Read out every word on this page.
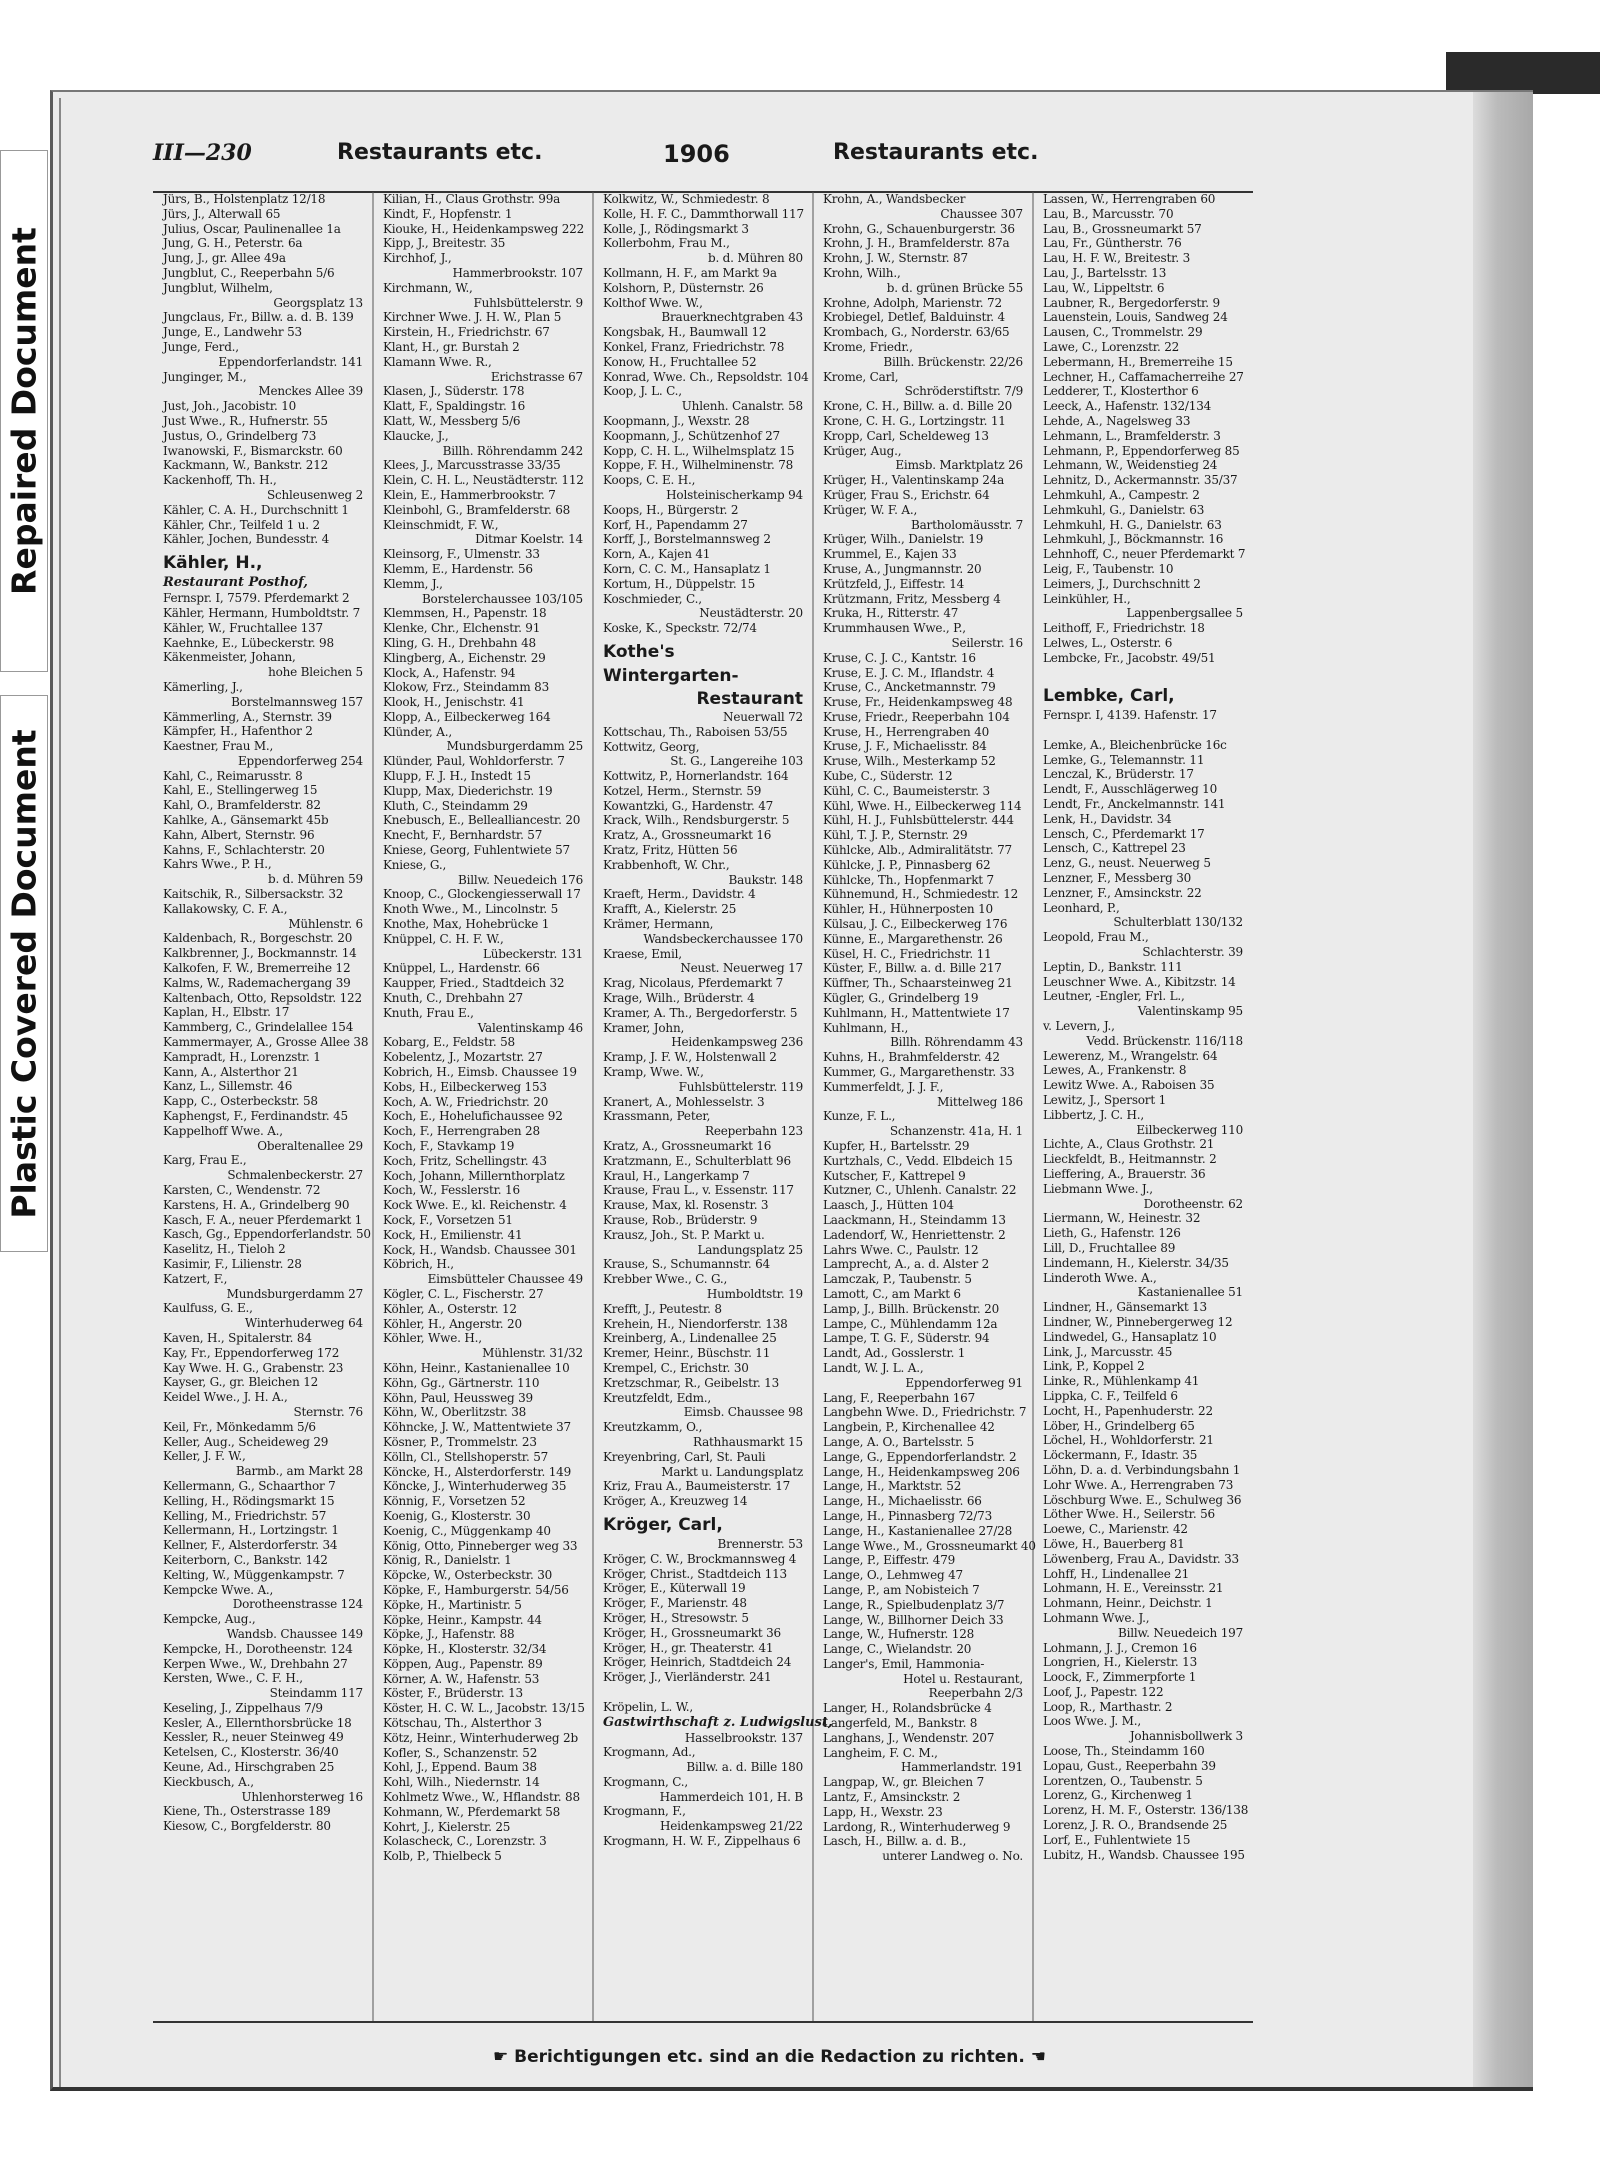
Repaired Document
Plastic Covered Document
III—230	Restaurants etc.	1906	Restaurants etc.
Jürs, B., Holstenplatz 12/18
Jürs, J., Alterwall 65
Julius, Oscar, Paulinenallee 1a
Jung, G. H., Peterstr. 6a
Jung, J., gr. Allee 49a
Jungblut, C., Reeperbahn 5/6
Jungblut, Wilhelm,
Georgsplatz 13
Jungclaus, Fr., Billw. a. d. B. 139
Junge, E., Landwehr 53
Junge, Ferd.,
Eppendorferlandstr. 141
Junginger, M.,
Menckes Allee 39
Just, Joh., Jacobistr. 10
Just Wwe., R., Hufnerstr. 55
Justus, O., Grindelberg 73
Iwanowski, F., Bismarckstr. 60
Kackmann, W., Bankstr. 212
Kackenhoff, Th. H.,
Schleusenweg 2
Kähler, C. A. H., Durchschnitt 1
Kähler, Chr., Teilfeld 1 u. 2
Kähler, Jochen, Bundesstr. 4
Kähler, H.,
Restaurant Posthof,
Fernspr. I, 7579. Pferdemarkt 2
Kähler, Hermann, Humboldtstr. 7
Kähler, W., Fruchtallee 137
Kaehnke, E., Lübeckerstr. 98
Käkenmeister, Johann,
hohe Bleichen 5
Kämerling, J.,
Borstelmannsweg 157
Kämmerling, A., Sternstr. 39
Kämpfer, H., Hafenthor 2
Kaestner, Frau M.,
Eppendorferweg 254
Kahl, C., Reimarusstr. 8
Kahl, E., Stellingerweg 15
Kahl, O., Bramfelderstr. 82
Kahlke, A., Gänsemarkt 45b
Kahn, Albert, Sternstr. 96
Kahns, F., Schlachterstr. 20
Kahrs Wwe., P. H.,
b. d. Mühren 59
Kaitschik, R., Silbersackstr. 32
Kallakowsky, C. F. A.,
Mühlenstr. 6
Kaldenbach, R., Borgeschstr. 20
Kalkbrenner, J., Bockmannstr. 14
Kalkofen, F. W., Bremerreihe 12
Kalms, W., Rademachergang 39
Kaltenbach, Otto, Repsoldstr. 122
Kaplan, H., Elbstr. 17
Kammberg, C., Grindelallee 154
Kammermayer, A., Grosse Allee 38
Kampradt, H., Lorenzstr. 1
Kann, A., Alsterthor 21
Kanz, L., Sillemstr. 46
Kapp, C., Osterbeckstr. 58
Kaphengst, F., Ferdinandstr. 45
Kappelhoff Wwe. A.,
Oberaltenallee 29
Karg, Frau E.,
Schmalenbeckerstr. 27
Karsten, C., Wendenstr. 72
Karstens, H. A., Grindelberg 90
Kasch, F. A., neuer Pferdemarkt 1
Kasch, Gg., Eppendorferlandstr. 50
Kaselitz, H., Tieloh 2
Kasimir, F., Lilienstr. 28
Katzert, F.,
Mundsburgerdamm 27
Kaulfuss, G. E.,
Winterhuderweg 64
Kaven, H., Spitalerstr. 84
Kay, Fr., Eppendorferweg 172
Kay Wwe. H. G., Grabenstr. 23
Kayser, G., gr. Bleichen 12
Keidel Wwe., J. H. A.,
Sternstr. 76
Keil, Fr., Mönkedamm 5/6
Keller, Aug., Scheideweg 29
Keller, J. F. W.,
Barmb., am Markt 28
Kellermann, G., Schaarthor 7
Kelling, H., Rödingsmarkt 15
Kelling, M., Friedrichstr. 57
Kellermann, H., Lortzingstr. 1
Kellner, F., Alsterdorferstr. 34
Keiterborn, C., Bankstr. 142
Kelting, W., Müggenkampstr. 7
Kempcke Wwe. A.,
Dorotheenstrasse 124
Kempcke, Aug.,
Wandsb. Chaussee 149
Kempcke, H., Dorotheenstr. 124
Kerpen Wwe., W., Drehbahn 27
Kersten, Wwe., C. F. H.,
Steindamm 117
Keseling, J., Zippelhaus 7/9
Kesler, A., Ellernthorsbrücke 18
Kessler, R., neuer Steinweg 49
Ketelsen, C., Klosterstr. 36/40
Keune, Ad., Hirschgraben 25
Kieckbusch, A.,
Uhlenhorsterweg 16
Kiene, Th., Osterstrasse 189
Kiesow, C., Borgfelderstr. 80
Kilian, H., Claus Grothstr. 99a
Kindt, F., Hopfenstr. 1
Kiouke, H., Heidenkampsweg 222
Kipp, J., Breitestr. 35
Kirchhof, J.,
Hammerbrookstr. 107
Kirchmann, W.,
Fuhlsbüttelerstr. 9
Kirchner Wwe. J. H. W., Plan 5
Kirstein, H., Friedrichstr. 67
Klant, H., gr. Burstah 2
Klamann Wwe. R.,
Erichstrasse 67
Klasen, J., Süderstr. 178
Klatt, F., Spaldingstr. 16
Klatt, W., Messberg 5/6
Klaucke, J.,
Billh. Röhrendamm 242
Klees, J., Marcusstrasse 33/35
Klein, C. H. L., Neustädterstr. 112
Klein, E., Hammerbrookstr. 7
Kleinbohl, G., Bramfelderstr. 68
Kleinschmidt, F. W.,
Ditmar Koelstr. 14
Kleinsorg, F., Ulmenstr. 33
Klemm, E., Hardenstr. 56
Klemm, J.,
Borstelerchaussee 103/105
Klemmsen, H., Papenstr. 18
Klenke, Chr., Elchenstr. 91
Kling, G. H., Drehbahn 48
Klingberg, A., Eichenstr. 29
Klock, A., Hafenstr. 94
Klokow, Frz., Steindamm 83
Klook, H., Jenischstr. 41
Klopp, A., Eilbeckerweg 164
Klünder, A.,
Mundsburgerdamm 25
Klünder, Paul, Wohldorferstr. 7
Klupp, F. J. H., Instedt 15
Klupp, Max, Diederichstr. 19
Kluth, C., Steindamm 29
Knebusch, E., Bellealliancestr. 20
Knecht, F., Bernhardstr. 57
Kniese, Georg, Fuhlentwiete 57
Kniese, G.,
Billw. Neuedeich 176
Knoop, C., Glockengiesserwall 17
Knoth Wwe., M., Lincolnstr. 5
Knothe, Max, Hohebrücke 1
Knüppel, C. H. F. W.,
Lübeckerstr. 131
Knüppel, L., Hardenstr. 66
Kaupper, Fried., Stadtdeich 32
Knuth, C., Drehbahn 27
Knuth, Frau E.,
Valentinskamp 46
Kobarg, E., Feldstr. 58
Kobelentz, J., Mozartstr. 27
Kobrich, H., Eimsb. Chaussee 19
Kobs, H., Eilbeckerweg 153
Koch, A. W., Friedrichstr. 20
Koch, E., Hohelufichaussee 92
Koch, F., Herrengraben 28
Koch, F., Stavkamp 19
Koch, Fritz, Schellingstr. 43
Koch, Johann, Millernthorplatz
Koch, W., Fesslerstr. 16
Kock Wwe. E., kl. Reichenstr. 4
Kock, F., Vorsetzen 51
Kock, H., Emilienstr. 41
Kock, H., Wandsb. Chaussee 301
Köbrich, H.,
Eimsbütteler Chaussee 49
Kögler, C. L., Fischerstr. 27
Köhler, A., Osterstr. 12
Köhler, H., Angerstr. 20
Köhler, Wwe. H.,
Mühlenstr. 31/32
Köhn, Heinr., Kastanienallee 10
Köhn, Gg., Gärtnerstr. 110
Köhn, Paul, Heussweg 39
Köhn, W., Oberlitzstr. 38
Köhncke, J. W., Mattentwiete 37
Kösner, P., Trommelstr. 23
Kölln, Cl., Stellshoperstr. 57
Köncke, H., Alsterdorferstr. 149
Köncke, J., Winterhuderweg 35
Könnig, F., Vorsetzen 52
Koenig, G., Klosterstr. 30
Koenig, C., Müggenkamp 40
König, Otto, Pinneberger weg 33
König, R., Danielstr. 1
Köpcke, W., Osterbeckstr. 30
Köpke, F., Hamburgerstr. 54/56
Köpke, H., Martinistr. 5
Köpke, Heinr., Kampstr. 44
Köpke, J., Hafenstr. 88
Köpke, H., Klosterstr. 32/34
Köppen, Aug., Papenstr. 89
Körner, A. W., Hafenstr. 53
Köster, F., Brüderstr. 13
Köster, H. C. W. L., Jacobstr. 13/15
Kötschau, Th., Alsterthor 3
Kötz, Heinr., Winterhuderweg 2b
Kofler, S., Schanzenstr. 52
Kohl, J., Eppend. Baum 38
Kohl, Wilh., Niedernstr. 14
Kohlmetz Wwe., W., Hflandstr. 88
Kohmann, W., Pferdemarkt 58
Kohrt, J., Kielerstr. 25
Kolascheck, C., Lorenzstr. 3
Kolb, P., Thielbeck 5
Kolkwitz, W., Schmiedestr. 8
Kolle, H. F. C., Dammthorwall 117
Kolle, J., Rödingsmarkt 3
Kollerbohm, Frau M.,
b. d. Mühren 80
Kollmann, H. F., am Markt 9a
Kolshorn, P., Düsternstr. 26
Kolthof Wwe. W.,
Brauerknechtgraben 43
Kongsbak, H., Baumwall 12
Konkel, Franz, Friedrichstr. 78
Konow, H., Fruchtallee 52
Konrad, Wwe. Ch., Repsoldstr. 104
Koop, J. L. C.,
Uhlenh. Canalstr. 58
Koopmann, J., Wexstr. 28
Koopmann, J., Schützenhof 27
Kopp, C. H. L., Wilhelmsplatz 15
Koppe, F. H., Wilhelminenstr. 78
Koops, C. E. H.,
Holsteinischerkamp 94
Koops, H., Bürgerstr. 2
Korf, H., Papendamm 27
Korff, J., Borstelmannsweg 2
Korn, A., Kajen 41
Korn, C. C. M., Hansaplatz 1
Kortum, H., Düppelstr. 15
Koschmieder, C.,
Neustädterstr. 20
Koske, K., Speckstr. 72/74
Kothe's Wintergarten-
Restaurant
Neuerwall 72
Kottschau, Th., Raboisen 53/55
Kottwitz, Georg,
St. G., Langereihe 103
Kottwitz, P., Hornerlandstr. 164
Kotzel, Herm., Sternstr. 59
Kowantzki, G., Hardenstr. 47
Krack, Wilh., Rendsburgerstr. 5
Kratz, A., Grossneumarkt 16
Kratz, Fritz, Hütten 56
Krabbenhoft, W. Chr.,
Baukstr. 148
Kraeft, Herm., Davidstr. 4
Krafft, A., Kielerstr. 25
Krämer, Hermann,
Wandsbeckerchaussee 170
Kraese, Emil,
Neust. Neuerweg 17
Krag, Nicolaus, Pferdemarkt 7
Krage, Wilh., Brüderstr. 4
Kramer, A. Th., Bergedorferstr. 5
Kramer, John,
Heidenkampsweg 236
Kramp, J. F. W., Holstenwall 2
Kramp, Wwe. W.,
Fuhlsbüttelerstr. 119
Kranert, A., Mohlesselstr. 3
Krassmann, Peter,
Reeperbahn 123
Kratz, A., Grossneumarkt 16
Kratzmann, E., Schulterblatt 96
Kraul, H., Langerkamp 7
Krause, Frau L., v. Essenstr. 117
Krause, Max, kl. Rosenstr. 3
Krause, Rob., Brüderstr. 9
Krausz, Joh., St. P. Markt u.
Landungsplatz 25
Krause, S., Schumannstr. 64
Krebber Wwe., C. G.,
Humboldtstr. 19
Krefft, J., Peutestr. 8
Krehein, H., Niendorferstr. 138
Kreinberg, A., Lindenallee 25
Kremer, Heinr., Büschstr. 11
Krempel, C., Erichstr. 30
Kretzschmar, R., Geibelstr. 13
Kreutzfeldt, Edm.,
Eimsb. Chaussee 98
Kreutzkamm, O.,
Rathhausmarkt 15
Kreyenbring, Carl, St. Pauli
Markt u. Landungsplatz
Kriz, Frau A., Baumeisterstr. 17
Kröger, A., Kreuzweg 14
Kröger, Carl,
Brennerstr. 53
Kröger, C. W., Brockmannsweg 4
Kröger, Christ., Stadtdeich 113
Kröger, E., Küterwall 19
Kröger, F., Marienstr. 48
Kröger, H., Stresowstr. 5
Kröger, H., Grossneumarkt 36
Kröger, H., gr. Theaterstr. 41
Kröger, Heinrich, Stadtdeich 24
Kröger, J., Vierländerstr. 241

Kröpelin, L. W.,
Gastwirthschaft z. Ludwigslust,
Hasselbrookstr. 137
Krogmann, Ad.,
Billw. a. d. Bille 180
Krogmann, C.,
Hammerdeich 101, H. B
Krogmann, F.,
Heidenkampsweg 21/22
Krogmann, H. W. F., Zippelhaus 6
Krohn, A., Wandsbecker
Chaussee 307
Krohn, G., Schauenburgerstr. 36
Krohn, J. H., Bramfelderstr. 87a
Krohn, J. W., Sternstr. 87
Krohn, Wilh.,
b. d. grünen Brücke 55
Krohne, Adolph, Marienstr. 72
Krobiegel, Detlef, Balduinstr. 4
Krombach, G., Norderstr. 63/65
Krome, Friedr.,
Billh. Brückenstr. 22/26
Krome, Carl,
Schröderstiftstr. 7/9
Krone, C. H., Billw. a. d. Bille 20
Krone, C. H. G., Lortzingstr. 11
Kropp, Carl, Scheldeweg 13
Krüger, Aug.,
Eimsb. Marktplatz 26
Krüger, H., Valentinskamp 24a
Krüger, Frau S., Erichstr. 64
Krüger, W. F. A.,
Bartholomäusstr. 7
Krüger, Wilh., Danielstr. 19
Krummel, E., Kajen 33
Kruse, A., Jungmannstr. 20
Krützfeld, J., Eiffestr. 14
Krützmann, Fritz, Messberg 4
Kruka, H., Ritterstr. 47
Krummhausen Wwe., P.,
Seilerstr. 16
Kruse, C. J. C., Kantstr. 16
Kruse, E. J. C. M., Iflandstr. 4
Kruse, C., Ancketmannstr. 79
Kruse, Fr., Heidenkampsweg 48
Kruse, Friedr., Reeperbahn 104
Kruse, H., Herrengraben 40
Kruse, J. F., Michaelisstr. 84
Kruse, Wilh., Mesterkamp 52
Kube, C., Süderstr. 12
Kühl, C. C., Baumeisterstr. 3
Kühl, Wwe. H., Eilbeckerweg 114
Kühl, H. J., Fuhlsbüttelerstr. 444
Kühl, T. J. P., Sternstr. 29
Kühlcke, Alb., Admiralitätstr. 77
Kühlcke, J. P., Pinnasberg 62
Kühlcke, Th., Hopfenmarkt 7
Kühnemund, H., Schmiedestr. 12
Kühler, H., Hühnerposten 10
Külsau, J. C., Eilbeckerweg 176
Künne, E., Margarethenstr. 26
Küsel, H. C., Friedrichstr. 11
Küster, F., Billw. a. d. Bille 217
Küffner, Th., Schaarsteinweg 21
Kügler, G., Grindelberg 19
Kuhlmann, H., Mattentwiete 17
Kuhlmann, H.,
Billh. Röhrendamm 43
Kuhns, H., Brahmfelderstr. 42
Kummer, G., Margarethenstr. 33
Kummerfeldt, J. J. F.,
Mittelweg 186
Kunze, F. L.,
Schanzenstr. 41a, H. 1
Kupfer, H., Bartelsstr. 29
Kurtzhals, C., Vedd. Elbdeich 15
Kutscher, F., Kattrepel 9
Kutzner, C., Uhlenh. Canalstr. 22
Laasch, J., Hütten 104
Laackmann, H., Steindamm 13
Ladendorf, W., Henriettenstr. 2
Lahrs Wwe. C., Paulstr. 12
Lamprecht, A., a. d. Alster 2
Lamczak, P., Taubenstr. 5
Lamott, C., am Markt 6
Lamp, J., Billh. Brückenstr. 20
Lampe, C., Mühlendamm 12a
Lampe, T. G. F., Süderstr. 94
Landt, Ad., Gosslerstr. 1
Landt, W. J. L. A.,
Eppendorferweg 91
Lang, F., Reeperbahn 167
Langbehn Wwe. D., Friedrichstr. 7
Langbein, P., Kirchenallee 42
Lange, A. O., Bartelsstr. 5
Lange, G., Eppendorferlandstr. 2
Lange, H., Heidenkampsweg 206
Lange, H., Marktstr. 52
Lange, H., Michaelisstr. 66
Lange, H., Pinnasberg 72/73
Lange, H., Kastanienallee 27/28
Lange Wwe., M., Grossneumarkt 40
Lange, P., Eiffestr. 479
Lange, O., Lehmweg 47
Lange, P., am Nobisteich 7
Lange, R., Spielbudenplatz 3/7
Lange, W., Billhorner Deich 33
Lange, W., Hufnerstr. 128
Lange, C., Wielandstr. 20
Langer's, Emil, Hammonia-
Hotel u. Restaurant,
Reeperbahn 2/3
Langer, H., Rolandsbrücke 4
Langerfeld, M., Bankstr. 8
Langhans, J., Wendenstr. 207
Langheim, F. C. M.,
Hammerlandstr. 191
Langpap, W., gr. Bleichen 7
Lantz, F., Amsinckstr. 2
Lapp, H., Wexstr. 23
Lardong, R., Winterhuderweg 9
Lasch, H., Billw. a. d. B.,
unterer Landweg o. No.
Lassen, W., Herrengraben 60
Lau, B., Marcusstr. 70
Lau, B., Grossneumarkt 57
Lau, Fr., Güntherstr. 76
Lau, H. F. W., Breitestr. 3
Lau, J., Bartelsstr. 13
Lau, W., Lippeltstr. 6
Laubner, R., Bergedorferstr. 9
Lauenstein, Louis, Sandweg 24
Lausen, C., Trommelstr. 29
Lawe, C., Lorenzstr. 22
Lebermann, H., Bremerreihe 15
Lechner, H., Caffamacherreihe 27
Ledderer, T., Klosterthor 6
Leeck, A., Hafenstr. 132/134
Lehde, A., Nagelsweg 33
Lehmann, L., Bramfelderstr. 3
Lehmann, P., Eppendorferweg 85
Lehmann, W., Weidenstieg 24
Lehnitz, D., Ackermannstr. 35/37
Lehmkuhl, A., Campestr. 2
Lehmkuhl, G., Danielstr. 63
Lehmkuhl, H. G., Danielstr. 63
Lehmkuhl, J., Böckmannstr. 16
Lehnhoff, C., neuer Pferdemarkt 7
Leig, F., Taubenstr. 10
Leimers, J., Durchschnitt 2
Leinkühler, H.,
Lappenbergsallee 5
Leithoff, F., Friedrichstr. 18
Lelwes, L., Osterstr. 6
Lembcke, Fr., Jacobstr. 49/51

Lembke, Carl,
Fernspr. I, 4139. Hafenstr. 17

Lemke, A., Bleichenbrücke 16c
Lemke, G., Telemannstr. 11
Lenczal, K., Brüderstr. 17
Lendt, F., Ausschlägerweg 10
Lendt, Fr., Anckelmannstr. 141
Lenk, H., Davidstr. 34
Lensch, C., Pferdemarkt 17
Lensch, C., Kattrepel 23
Lenz, G., neust. Neuerweg 5
Lenzner, F., Messberg 30
Lenzner, F., Amsinckstr. 22
Leonhard, P.,
Schulterblatt 130/132
Leopold, Frau M.,
Schlachterstr. 39
Leptin, D., Bankstr. 111
Leuschner Wwe. A., Kibitzstr. 14
Leutner, -Engler, Frl. L.,
Valentinskamp 95
v. Levern, J.,
Vedd. Brückenstr. 116/118
Lewerenz, M., Wrangelstr. 64
Lewes, A., Frankenstr. 8
Lewitz Wwe. A., Raboisen 35
Lewitz, J., Spersort 1
Libbertz, J. C. H.,
Eilbeckerweg 110
Lichte, A., Claus Grothstr. 21
Lieckfeldt, B., Heitmannstr. 2
Lieffering, A., Brauerstr. 36
Liebmann Wwe. J.,
Dorotheenstr. 62
Liermann, W., Heinestr. 32
Lieth, G., Hafenstr. 126
Lill, D., Fruchtallee 89
Lindemann, H., Kielerstr. 34/35
Linderoth Wwe. A.,
Kastanienallee 51
Lindner, H., Gänsemarkt 13
Lindner, W., Pinnebergerweg 12
Lindwedel, G., Hansaplatz 10
Link, J., Marcusstr. 45
Link, P., Koppel 2
Linke, R., Mühlenkamp 41
Lippka, C. F., Teilfeld 6
Locht, H., Papenhuderstr. 22
Löber, H., Grindelberg 65
Löchel, H., Wohldorferstr. 21
Löckermann, F., Idastr. 35
Löhn, D. a. d. Verbindungsbahn 1
Lohr Wwe. A., Herrengraben 73
Löschburg Wwe. E., Schulweg 36
Löther Wwe. H., Seilerstr. 56
Loewe, C., Marienstr. 42
Löwe, H., Bauerberg 81
Löwenberg, Frau A., Davidstr. 33
Lohff, H., Lindenallee 21
Lohmann, H. E., Vereinsstr. 21
Lohmann, Heinr., Deichstr. 1
Lohmann Wwe. J.,
Billw. Neuedeich 197
Lohmann, J. J., Cremon 16
Longrien, H., Kielerstr. 13
Loock, F., Zimmerpforte 1
Loof, J., Papestr. 122
Loop, R., Marthastr. 2
Loos Wwe. J. M.,
Johannisbollwerk 3
Loose, Th., Steindamm 160
Lopau, Gust., Reeperbahn 39
Lorentzen, O., Taubenstr. 5
Lorenz, G., Kirchenweg 1
Lorenz, H. M. F., Osterstr. 136/138
Lorenz, J. R. O., Brandsende 25
Lorf, E., Fuhlentwiete 15
Lubitz, H., Wandsb. Chaussee 195
☛ Berichtigungen etc. sind an die Redaction zu richten. ☚
